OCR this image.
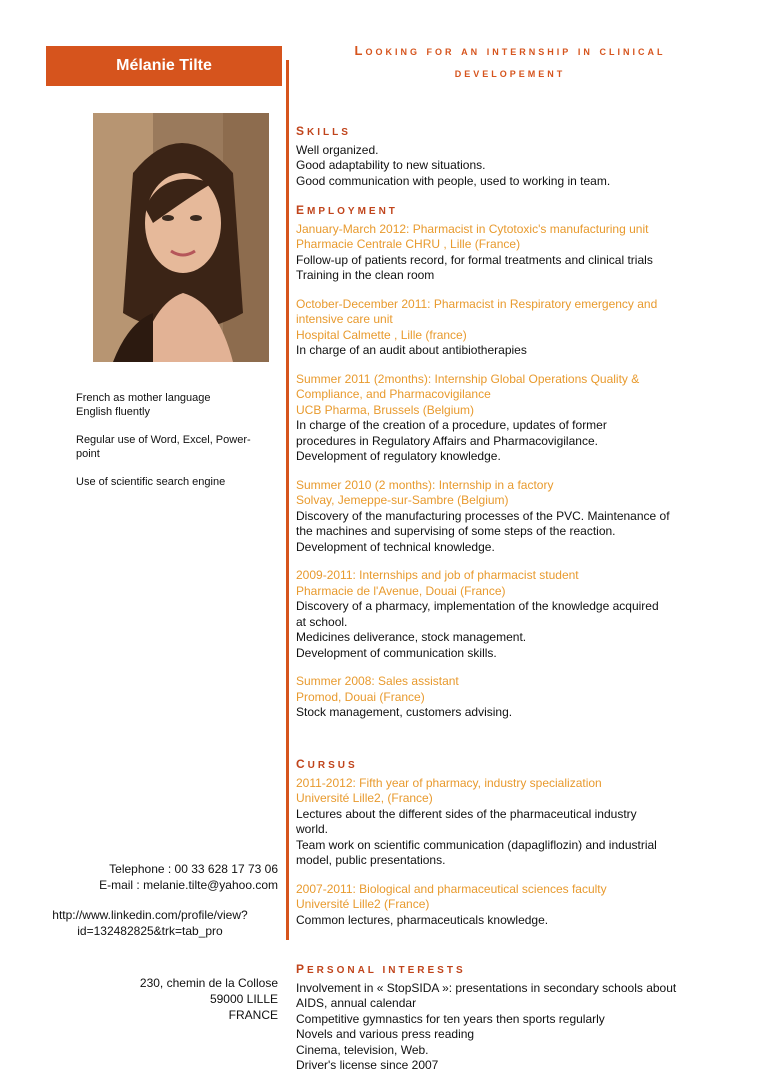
Mélanie Tilte
French as mother language
English fluently
Regular use of Word, Excel, Power-
point
Use of scientific search engine
Telephone : 00 33 628 17 73 06
E-mail : melanie.tilte@yahoo.com
http://www.linkedin.com/profile/view?
id=132482825&trk=tab_pro
230, chemin de la Collose
59000 LILLE
FRANCE
Looking for an internship in clinical
developement
SKILLS
Well organized.
Good adaptability to new situations.
Good communication with people, used to working in team.
EMPLOYMENT
January-March 2012: Pharmacist in Cytotoxic's manufacturing unit
Pharmacie Centrale CHRU , Lille (France)
Follow-up of patients record, for formal treatments and clinical trials
Training in the clean room
October-December 2011: Pharmacist in Respiratory emergency and
intensive care unit
Hospital Calmette , Lille (france)
In charge of an audit about antibiotherapies
Summer 2011 (2months): Internship Global Operations Quality &
Compliance, and Pharmacovigilance
UCB Pharma, Brussels (Belgium)
In charge of the creation of a procedure, updates of former
procedures in Regulatory Affairs and Pharmacovigilance.
Development of regulatory knowledge.
Summer 2010 (2 months): Internship in a factory
Solvay, Jemeppe-sur-Sambre (Belgium)
Discovery of the manufacturing processes of the PVC. Maintenance of
the machines and supervising of some steps of the reaction.
Development of technical knowledge.
2009-2011: Internships and job of pharmacist student
Pharmacie de l'Avenue, Douai (France)
Discovery of a pharmacy, implementation of the knowledge acquired
at school.
Medicines deliverance, stock management.
Development of communication skills.
Summer 2008: Sales assistant
Promod, Douai (France)
Stock management, customers advising.
CURSUS
2011-2012: Fifth year of pharmacy, industry specialization
Université Lille2, (France)
Lectures about the different sides of the pharmaceutical industry
world.
Team work on scientific communication (dapagliflozin) and industrial
model, public presentations.
2007-2011: Biological and pharmaceutical sciences faculty
Université Lille2 (France)
Common lectures, pharmaceuticals knowledge.
PERSONAL INTERESTS
Involvement in « StopSIDA »: presentations in secondary schools about
AIDS, annual calendar
Competitive gymnastics for ten years then sports regularly
Novels and various press reading
Cinema, television, Web.
Driver's license since 2007
